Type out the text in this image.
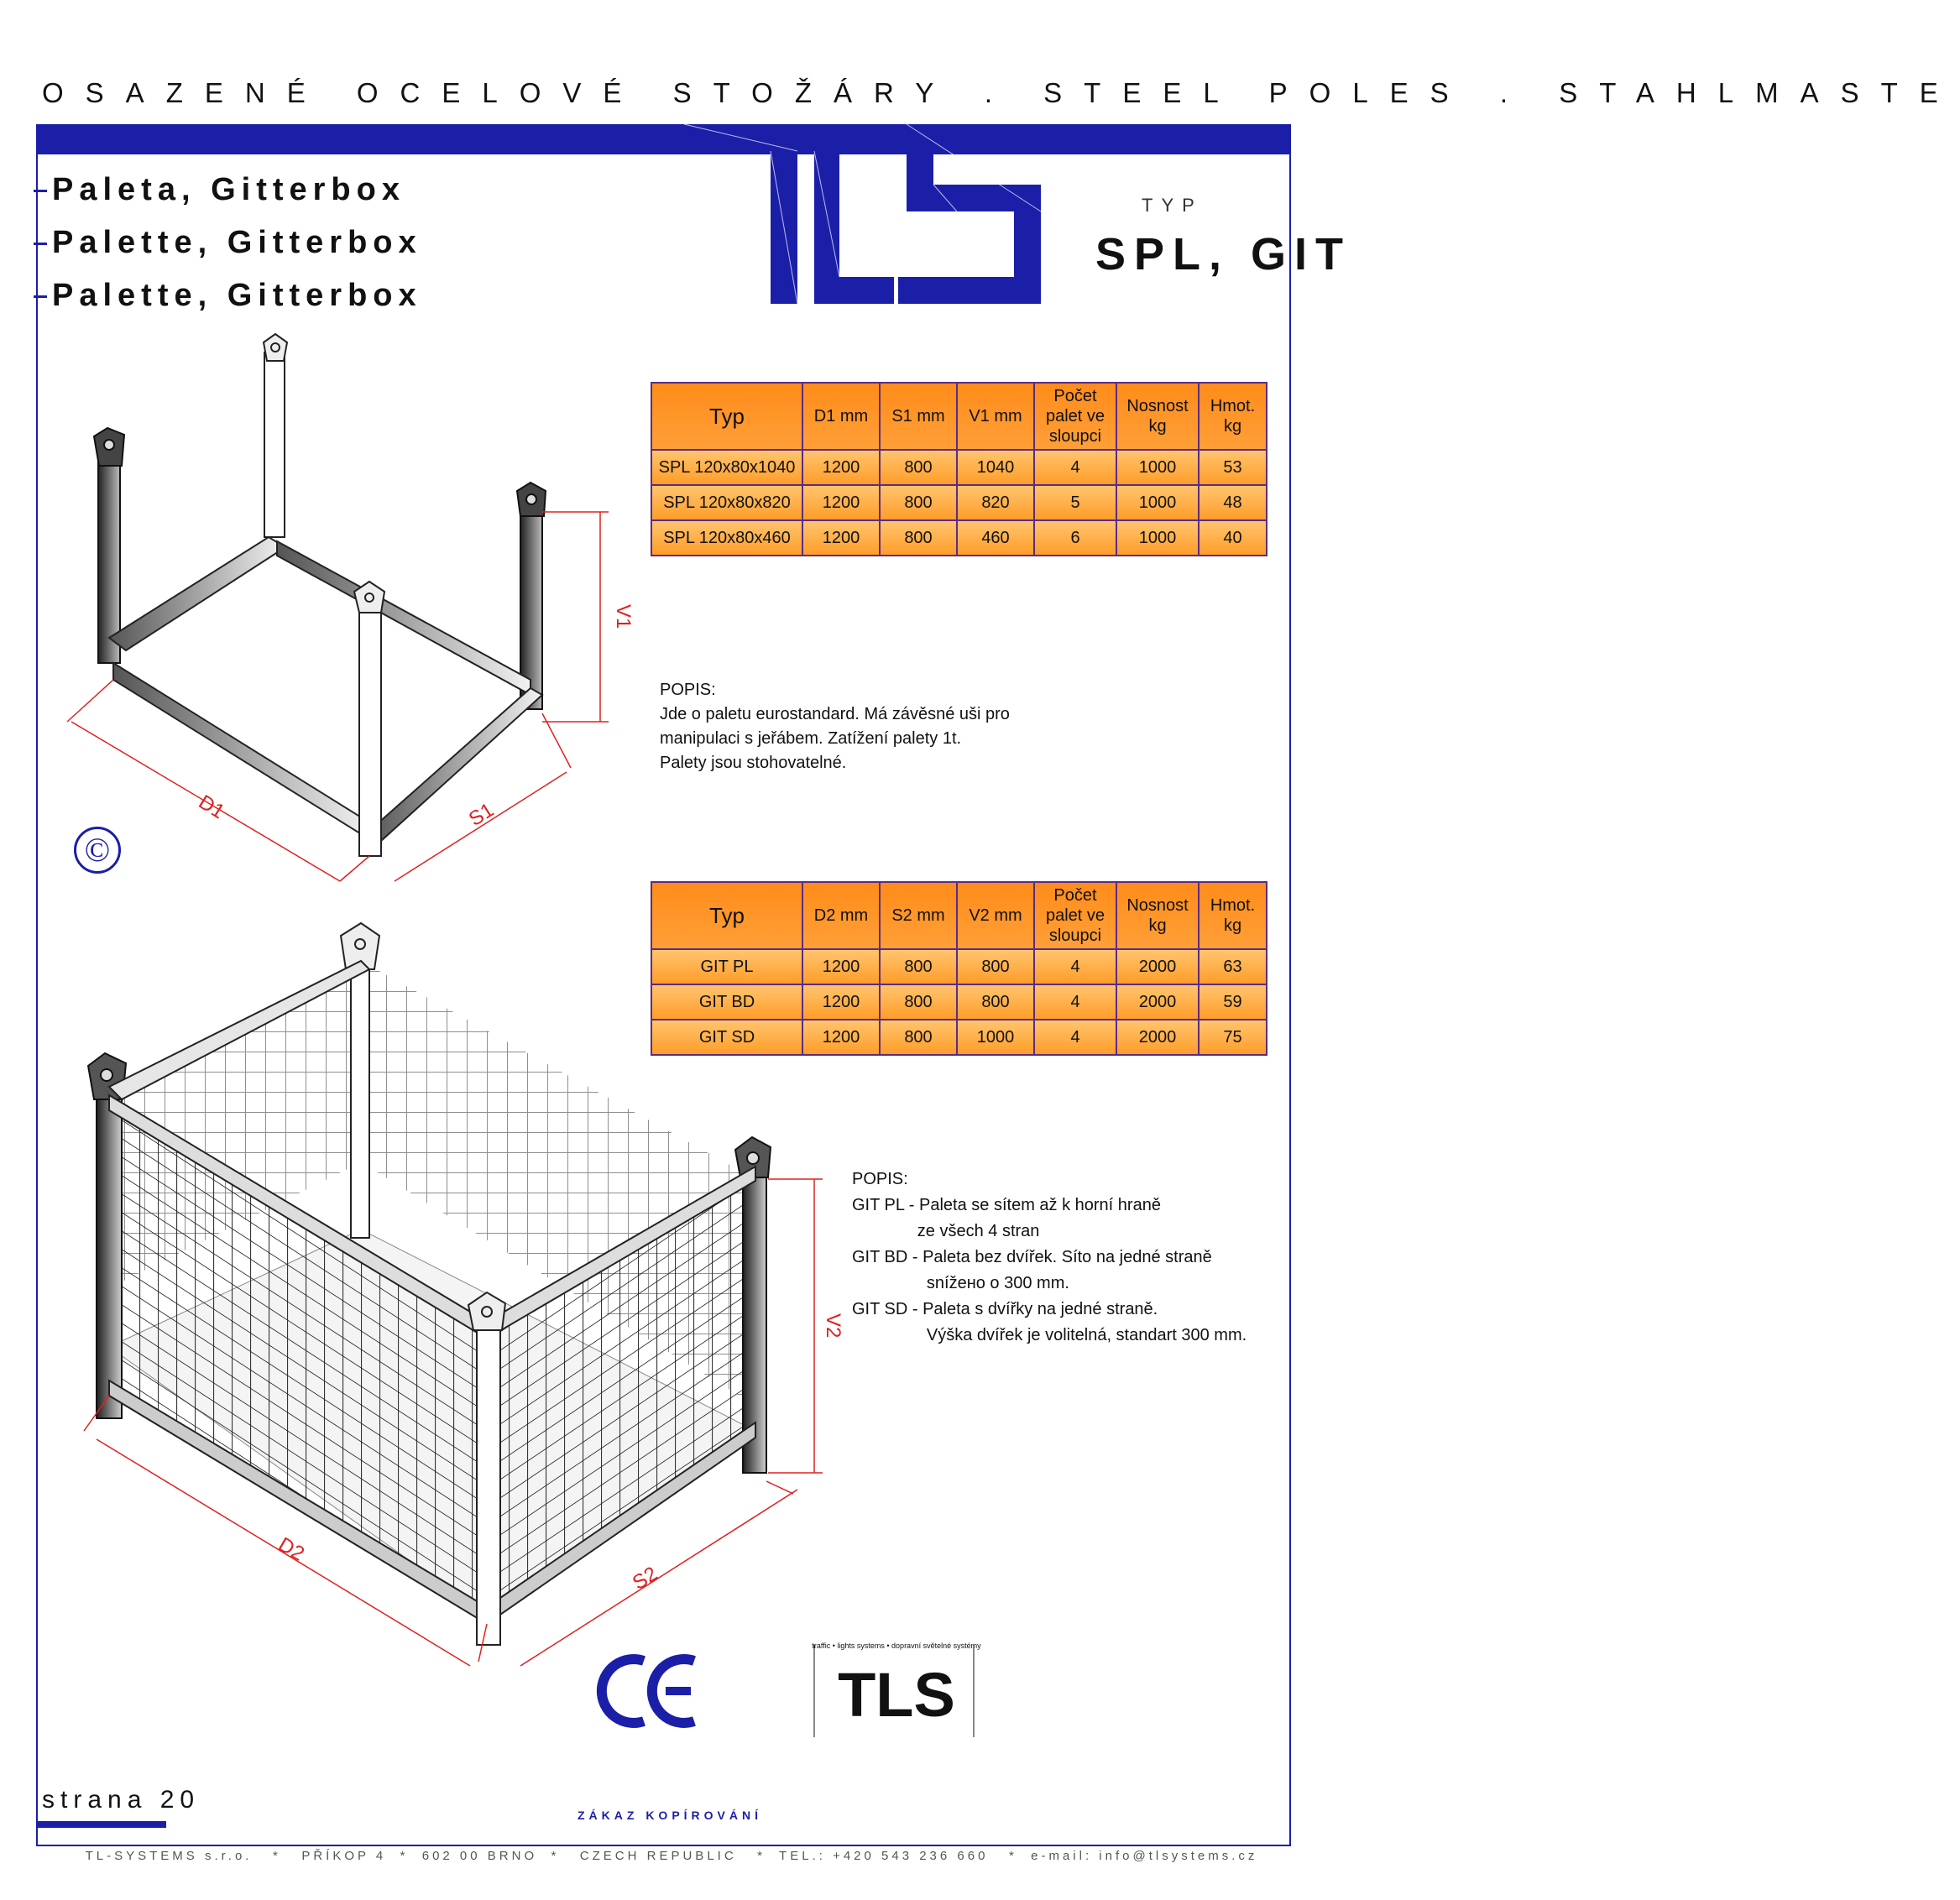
OSAZENÉ OCELOVÉ STOŽÁRY . STEEL POLES . STAHLMASTE
Paleta, Gitterbox
Palette, Gitterbox
Palette, Gitterbox
TLS
TYP
SPL, GIT
Typ	D1 mm	S1 mm	V1 mm	Počet palet ve sloupci	Nosnost kg	Hmot. kg
SPL 120x80x1040	1200	800	1040	4	1000	53
SPL 120x80x820	1200	800	820	5	1000	48
SPL 120x80x460	1200	800	460	6	1000	40
POPIS:
Jde o paletu eurostandard. Má závěsné uši pro
manipulaci s jeřábem. Zatížení palety 1t.
Palety jsou stohovatelné.
D1	S1
V1
©
Typ	D2 mm	S2 mm	V2 mm	Počet palet ve sloupci	Nosnost kg	Hmot. kg
GIT PL	1200	800	800	4	2000	63
GIT BD	1200	800	800	4	2000	59
GIT SD	1200	800	1000	4	2000	75
POPIS:
GIT PL - Paleta se sítem až k horní hraně
ze všech 4 stran
GIT BD - Paleta bez dvířek. Síto na jedné straně
snížено o 300 mm.
GIT SD - Paleta s dvířky na jedné straně.
Výška dvířek je volitelná, standart 300 mm.
D2
S2
V2
CE
TLS
traffic • lights systems • dopravní světelné systémy
strana 20
ZÁKAZ KOPÍROVÁNÍ
TL-SYSTEMS s.r.o.   *   PŘÍKOP 4  *  602 00 BRNO  *   CZECH REPUBLIC   *  TEL.: +420 543 236 660   *  e-mail: info@tlsystems.cz
